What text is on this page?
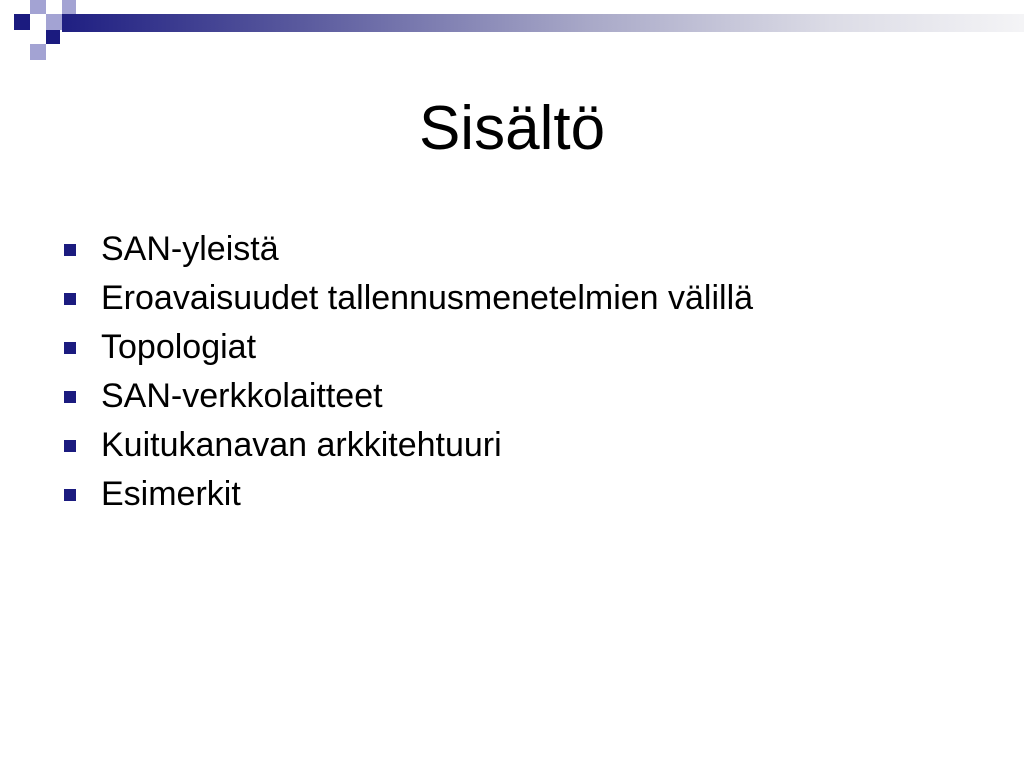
Sisältö
SAN-yleistä
Eroavaisuudet tallennusmenetelmien välillä
Topologiat
SAN-verkkolaitteet
Kuitukanavan arkkitehtuuri
Esimerkit
